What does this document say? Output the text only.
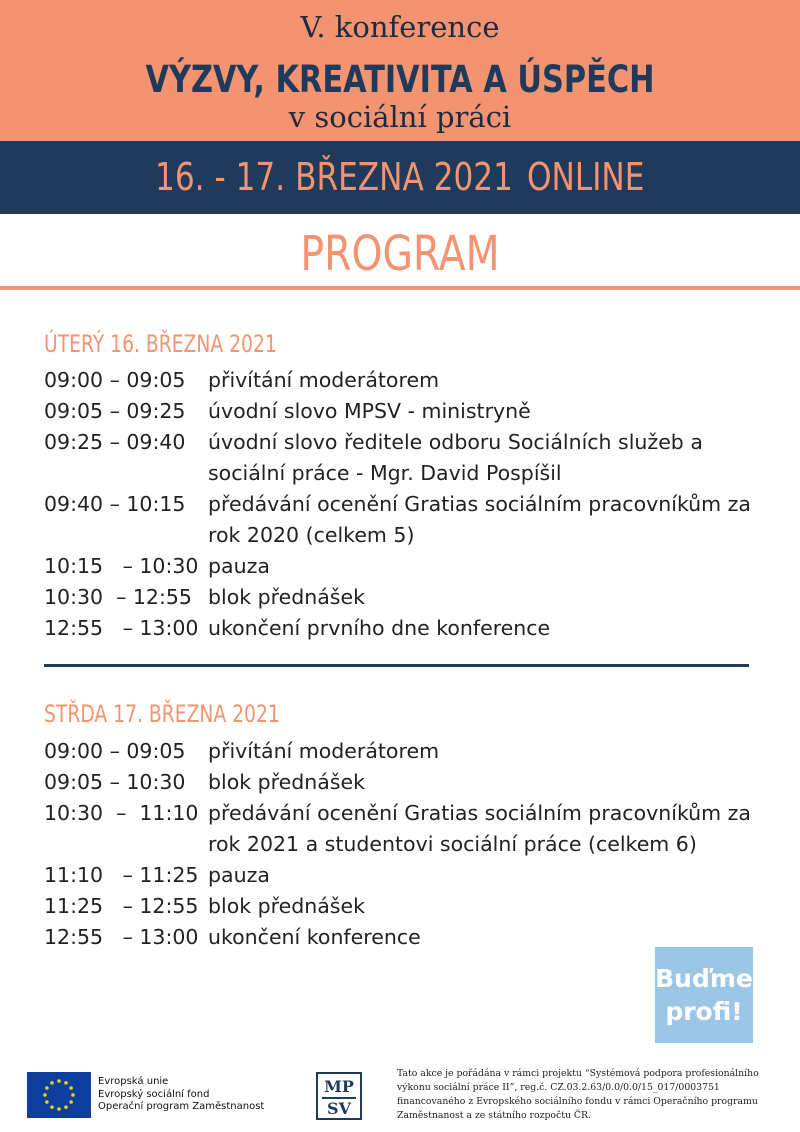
V. konference
VÝZVY, KREATIVITA A ÚSPĚCH
v sociální práci
16. - 17. BŘEZNA 2021 ONLINE
PROGRAM
ÚTERÝ 16. BŘEZNA 2021
09:00 – 09:05	přivítání moderátorem
09:05 – 09:25	úvodní slovo MPSV - ministryně
09:25 – 09:40	úvodní slovo ředitele odboru Sociálních služeb a sociální práce - Mgr. David Pospíšil
09:40 – 10:15	předávání ocenění Gratias sociálním pracovníkům za rok 2020 (celkem 5)
10:15   – 10:30 pauza
10:30  – 12:55 blok přednášek
12:55   – 13:00 ukončení prvního dne konference
STŘDA 17. BŘEZNA 2021
09:00 – 09:05	přivítání moderátorem
09:05 – 10:30	blok přednášek
10:30  –  11:10 předávání ocenění Gratias sociálním pracovníkům za rok 2021 a studentovi sociální práce (celkem 6)
11:10   – 11:25 pauza
11:25   – 12:55 blok přednášek
12:55   – 13:00 ukončení konference
Buďme
profi!
Evropská unie
Evropský sociální fond
Operační program Zaměstnanost
MP
SV
Tato akce je pořádána v rámci projektu “Systémová podpora profesionálního výkonu sociální práce II”, reg.č. CZ.03.2.63/0.0/0.0/15_017/0003751 financovaného z Evropského sociálního fondu v rámci Operačního programu Zaměstnanost a ze státního rozpočtu ČR.
